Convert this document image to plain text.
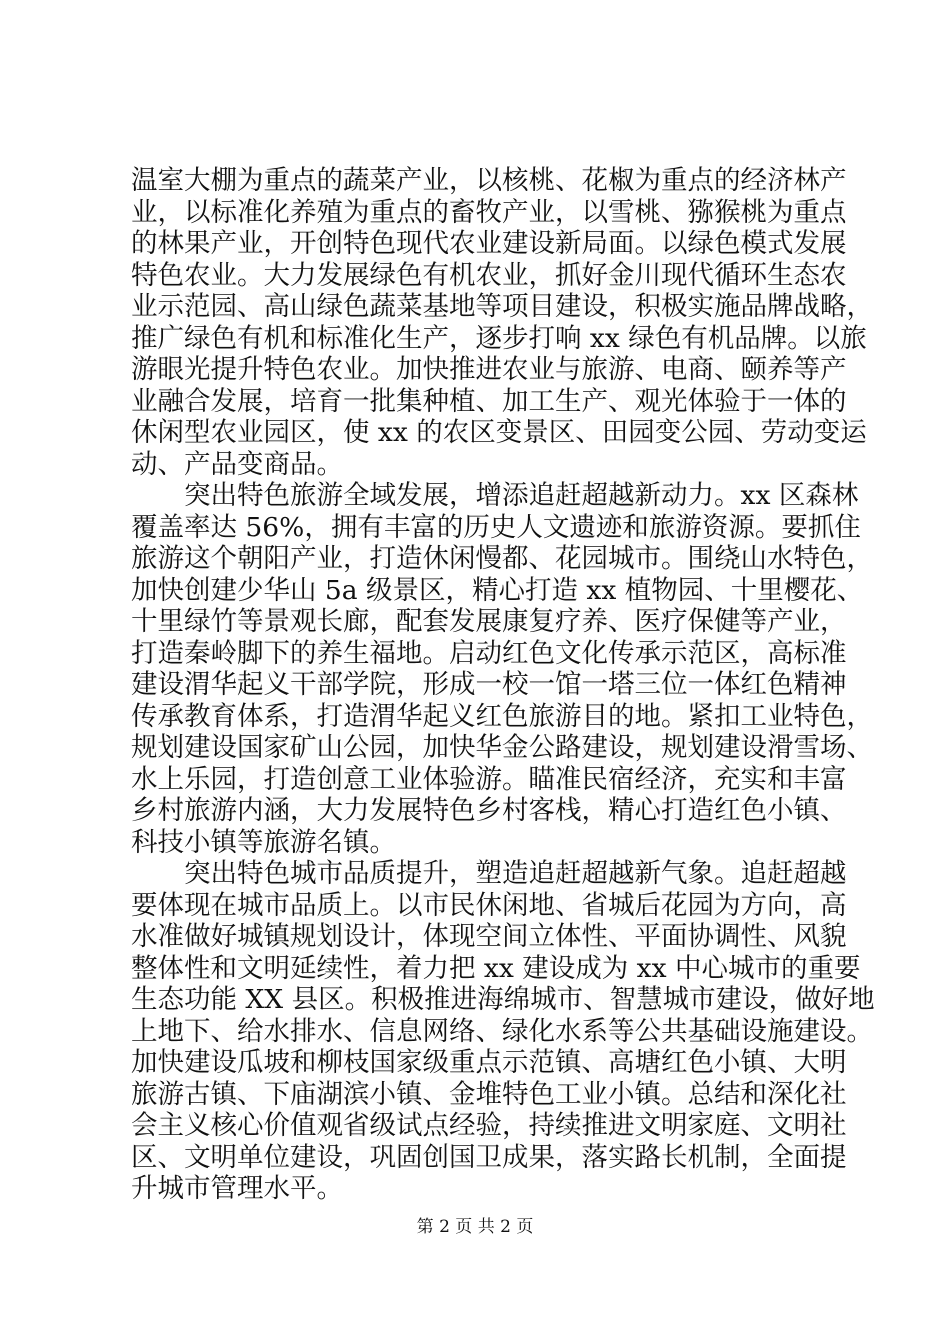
温室大棚为重点的蔬菜产业，以核桃、花椒为重点的经济林产
业，以标准化养殖为重点的畜牧产业，以雪桃、猕猴桃为重点
的林果产业，开创特色现代农业建设新局面。以绿色模式发展
特色农业。大力发展绿色有机农业，抓好金川现代循环生态农
业示范园、高山绿色蔬菜基地等项目建设，积极实施品牌战略，
推广绿色有机和标准化生产，逐步打响 xx 绿色有机品牌。以旅
游眼光提升特色农业。加快推进农业与旅游、电商、颐养等产
业融合发展，培育一批集种植、加工生产、观光体验于一体的
休闲型农业园区，使 xx 的农区变景区、田园变公园、劳动变运
动、产品变商品。
突出特色旅游全域发展，增添追赶超越新动力。xx 区森林
覆盖率达 56%，拥有丰富的历史人文遗迹和旅游资源。要抓住
旅游这个朝阳产业，打造休闲慢都、花园城市。围绕山水特色，
加快创建少华山 5a 级景区，精心打造 xx 植物园、十里樱花、
十里绿竹等景观长廊，配套发展康复疗养、医疗保健等产业，
打造秦岭脚下的养生福地。启动红色文化传承示范区，高标准
建设渭华起义干部学院，形成一校一馆一塔三位一体红色精神
传承教育体系，打造渭华起义红色旅游目的地。紧扣工业特色，
规划建设国家矿山公园，加快华金公路建设，规划建设滑雪场、
水上乐园，打造创意工业体验游。瞄准民宿经济，充实和丰富
乡村旅游内涵，大力发展特色乡村客栈，精心打造红色小镇、
科技小镇等旅游名镇。
突出特色城市品质提升，塑造追赶超越新气象。追赶超越
要体现在城市品质上。以市民休闲地、省城后花园为方向，高
水准做好城镇规划设计，体现空间立体性、平面协调性、风貌
整体性和文明延续性，着力把 xx 建设成为 xx 中心城市的重要
生态功能 XX 县区。积极推进海绵城市、智慧城市建设，做好地
上地下、给水排水、信息网络、绿化水系等公共基础设施建设。
加快建设瓜坡和柳枝国家级重点示范镇、高塘红色小镇、大明
旅游古镇、下庙湖滨小镇、金堆特色工业小镇。总结和深化社
会主义核心价值观省级试点经验，持续推进文明家庭、文明社
区、文明单位建设，巩固创国卫成果，落实路长机制，全面提
升城市管理水平。
第 2 页 共 2 页
